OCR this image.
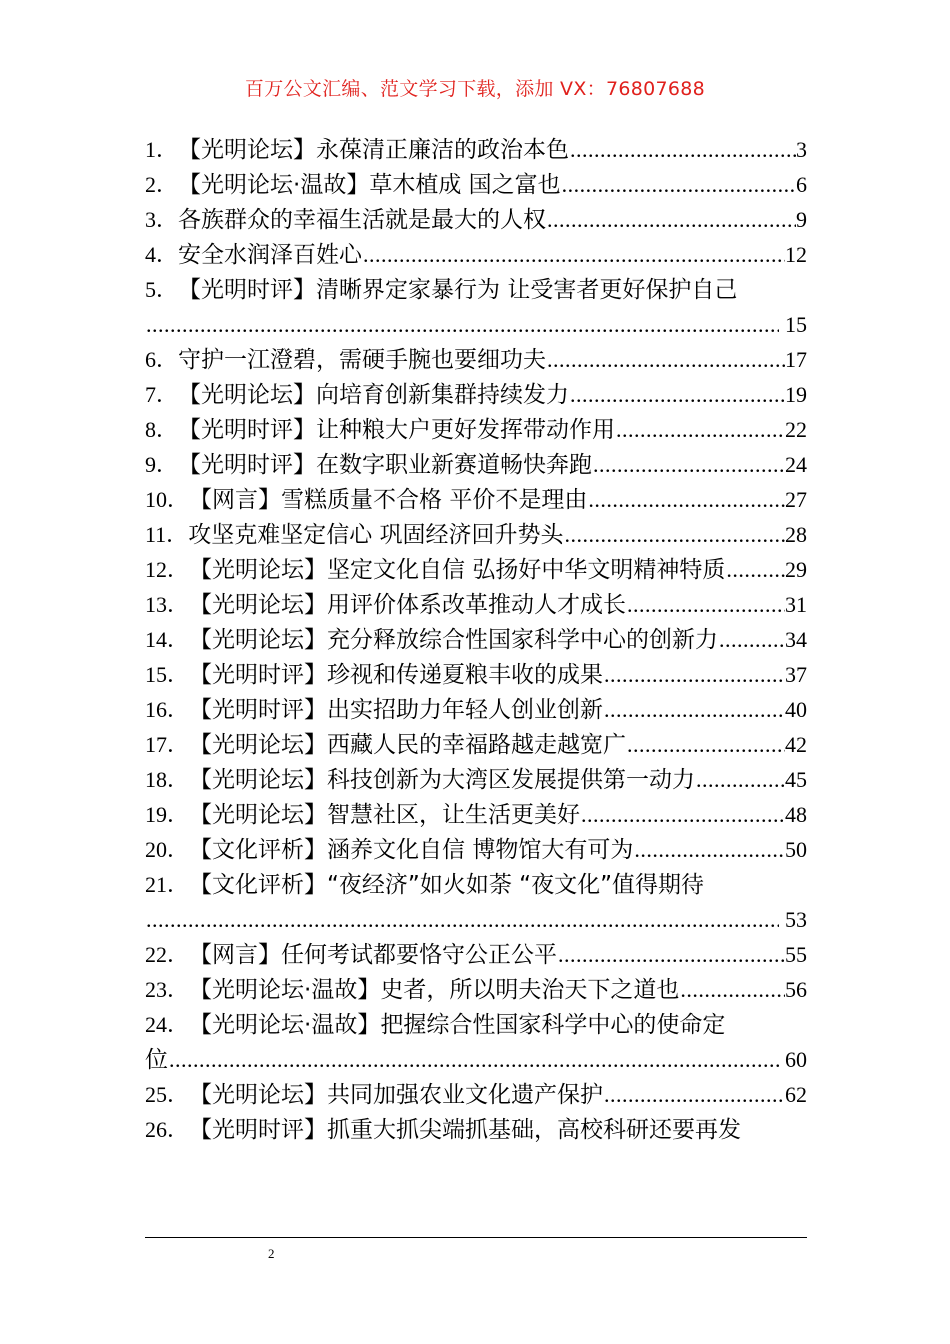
百万公文汇编、范文学习下载，添加 VX：76807688
1． 【光明论坛】永葆清正廉洁的政治本色 .....	3
2． 【光明论坛·温故】草木植成 国之富也 .....	6
3． 各族群众的幸福生活就是最大的人权 .....	9
4． 安全水润泽百姓心 .....	12
5． 【光明时评】清晰界定家暴行为 让受害者更好保护自己
.....
15
6． 守护一江澄碧，需硬手腕也要细功夫 .....	17
7． 【光明论坛】向培育创新集群持续发力 .....	19
8． 【光明时评】让种粮大户更好发挥带动作用 .....	22
9． 【光明时评】在数字职业新赛道畅快奔跑 .....	24
10． 【网言】雪糕质量不合格 平价不是理由 .....	27
11． 攻坚克难坚定信心 巩固经济回升势头 .....	28
12． 【光明论坛】坚定文化自信 弘扬好中华文明精神特质 .....	29
13． 【光明论坛】用评价体系改革推动人才成长 .....	31
14． 【光明论坛】充分释放综合性国家科学中心的创新力 .....	34
15． 【光明时评】珍视和传递夏粮丰收的成果 .....	37
16． 【光明时评】出实招助力年轻人创业创新 .....	40
17． 【光明论坛】西藏人民的幸福路越走越宽广 .....	42
18． 【光明论坛】科技创新为大湾区发展提供第一动力 .....	45
19． 【光明论坛】智慧社区，让生活更美好 .....	48
20． 【文化评析】涵养文化自信 博物馆大有可为 .....	50
21． 【文化评析】“夜经济”如火如荼 “夜文化”值得期待
.....
53
22． 【网言】任何考试都要恪守公正公平 .....	55
23． 【光明论坛·温故】史者，所以明夫治天下之道也 .....	56
24． 【光明论坛·温故】把握综合性国家科学中心的使命定
位 .....	60
25． 【光明论坛】共同加强农业文化遗产保护 .....	62
26． 【光明时评】抓重大抓尖端抓基础，高校科研还要再发
2
